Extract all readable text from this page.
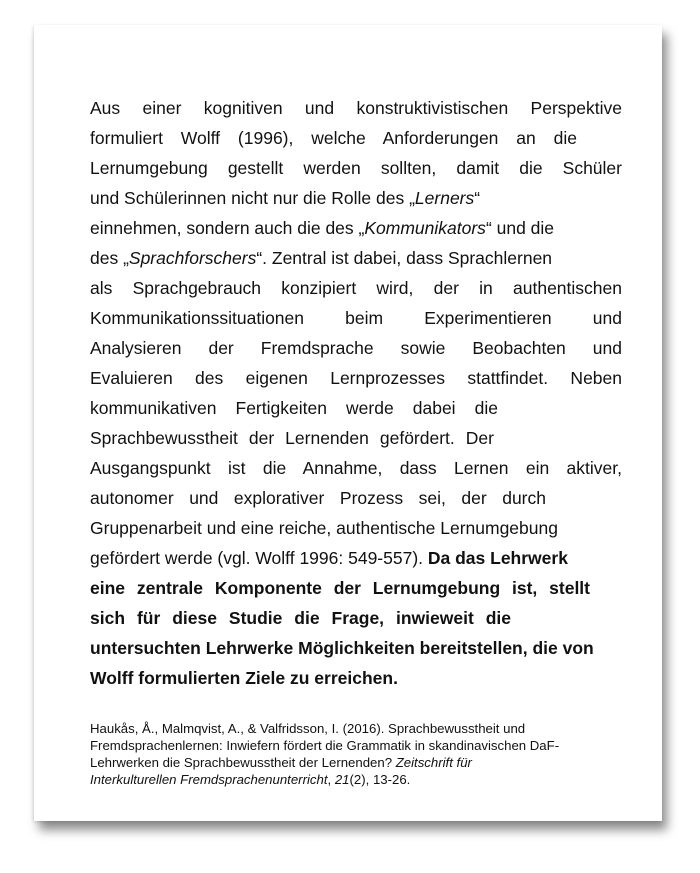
Aus einer kognitiven und konstruktivistischen Perspektive
formuliert Wolff (1996), welche Anforderungen an die
Lernumgebung gestellt werden sollten, damit die Schüler
und Schülerinnen nicht nur die Rolle des „Lerners“
einnehmen, sondern auch die des „Kommunikators“ und die
des „Sprachforschers“. Zentral ist dabei, dass Sprachlernen
als Sprachgebrauch konzipiert wird, der in authentischen
Kommunikationssituationen beim Experimentieren und
Analysieren der Fremdsprache sowie Beobachten und
Evaluieren des eigenen Lernprozesses stattfindet. Neben
kommunikativen Fertigkeiten werde dabei die
Sprachbewusstheit der Lernenden gefördert. Der
Ausgangspunkt ist die Annahme, dass Lernen ein aktiver,
autonomer und explorativer Prozess sei, der durch
Gruppenarbeit und eine reiche, authentische Lernumgebung
gefördert werde (vgl. Wolff 1996: 549-557). Da das Lehrwerk
eine zentrale Komponente der Lernumgebung ist, stellt
sich für diese Studie die Frage, inwieweit die
untersuchten Lehrwerke Möglichkeiten bereitstellen, die von
Wolff formulierten Ziele zu erreichen.
Haukås, Å., Malmqvist, A., & Valfridsson, I. (2016). Sprachbewusstheit und
Fremdsprachenlernen: Inwiefern fördert die Grammatik in skandinavischen DaF-
Lehrwerken die Sprachbewusstheit der Lernenden? Zeitschrift für
Interkulturellen Fremdsprachenunterricht, 21(2), 13-26.
